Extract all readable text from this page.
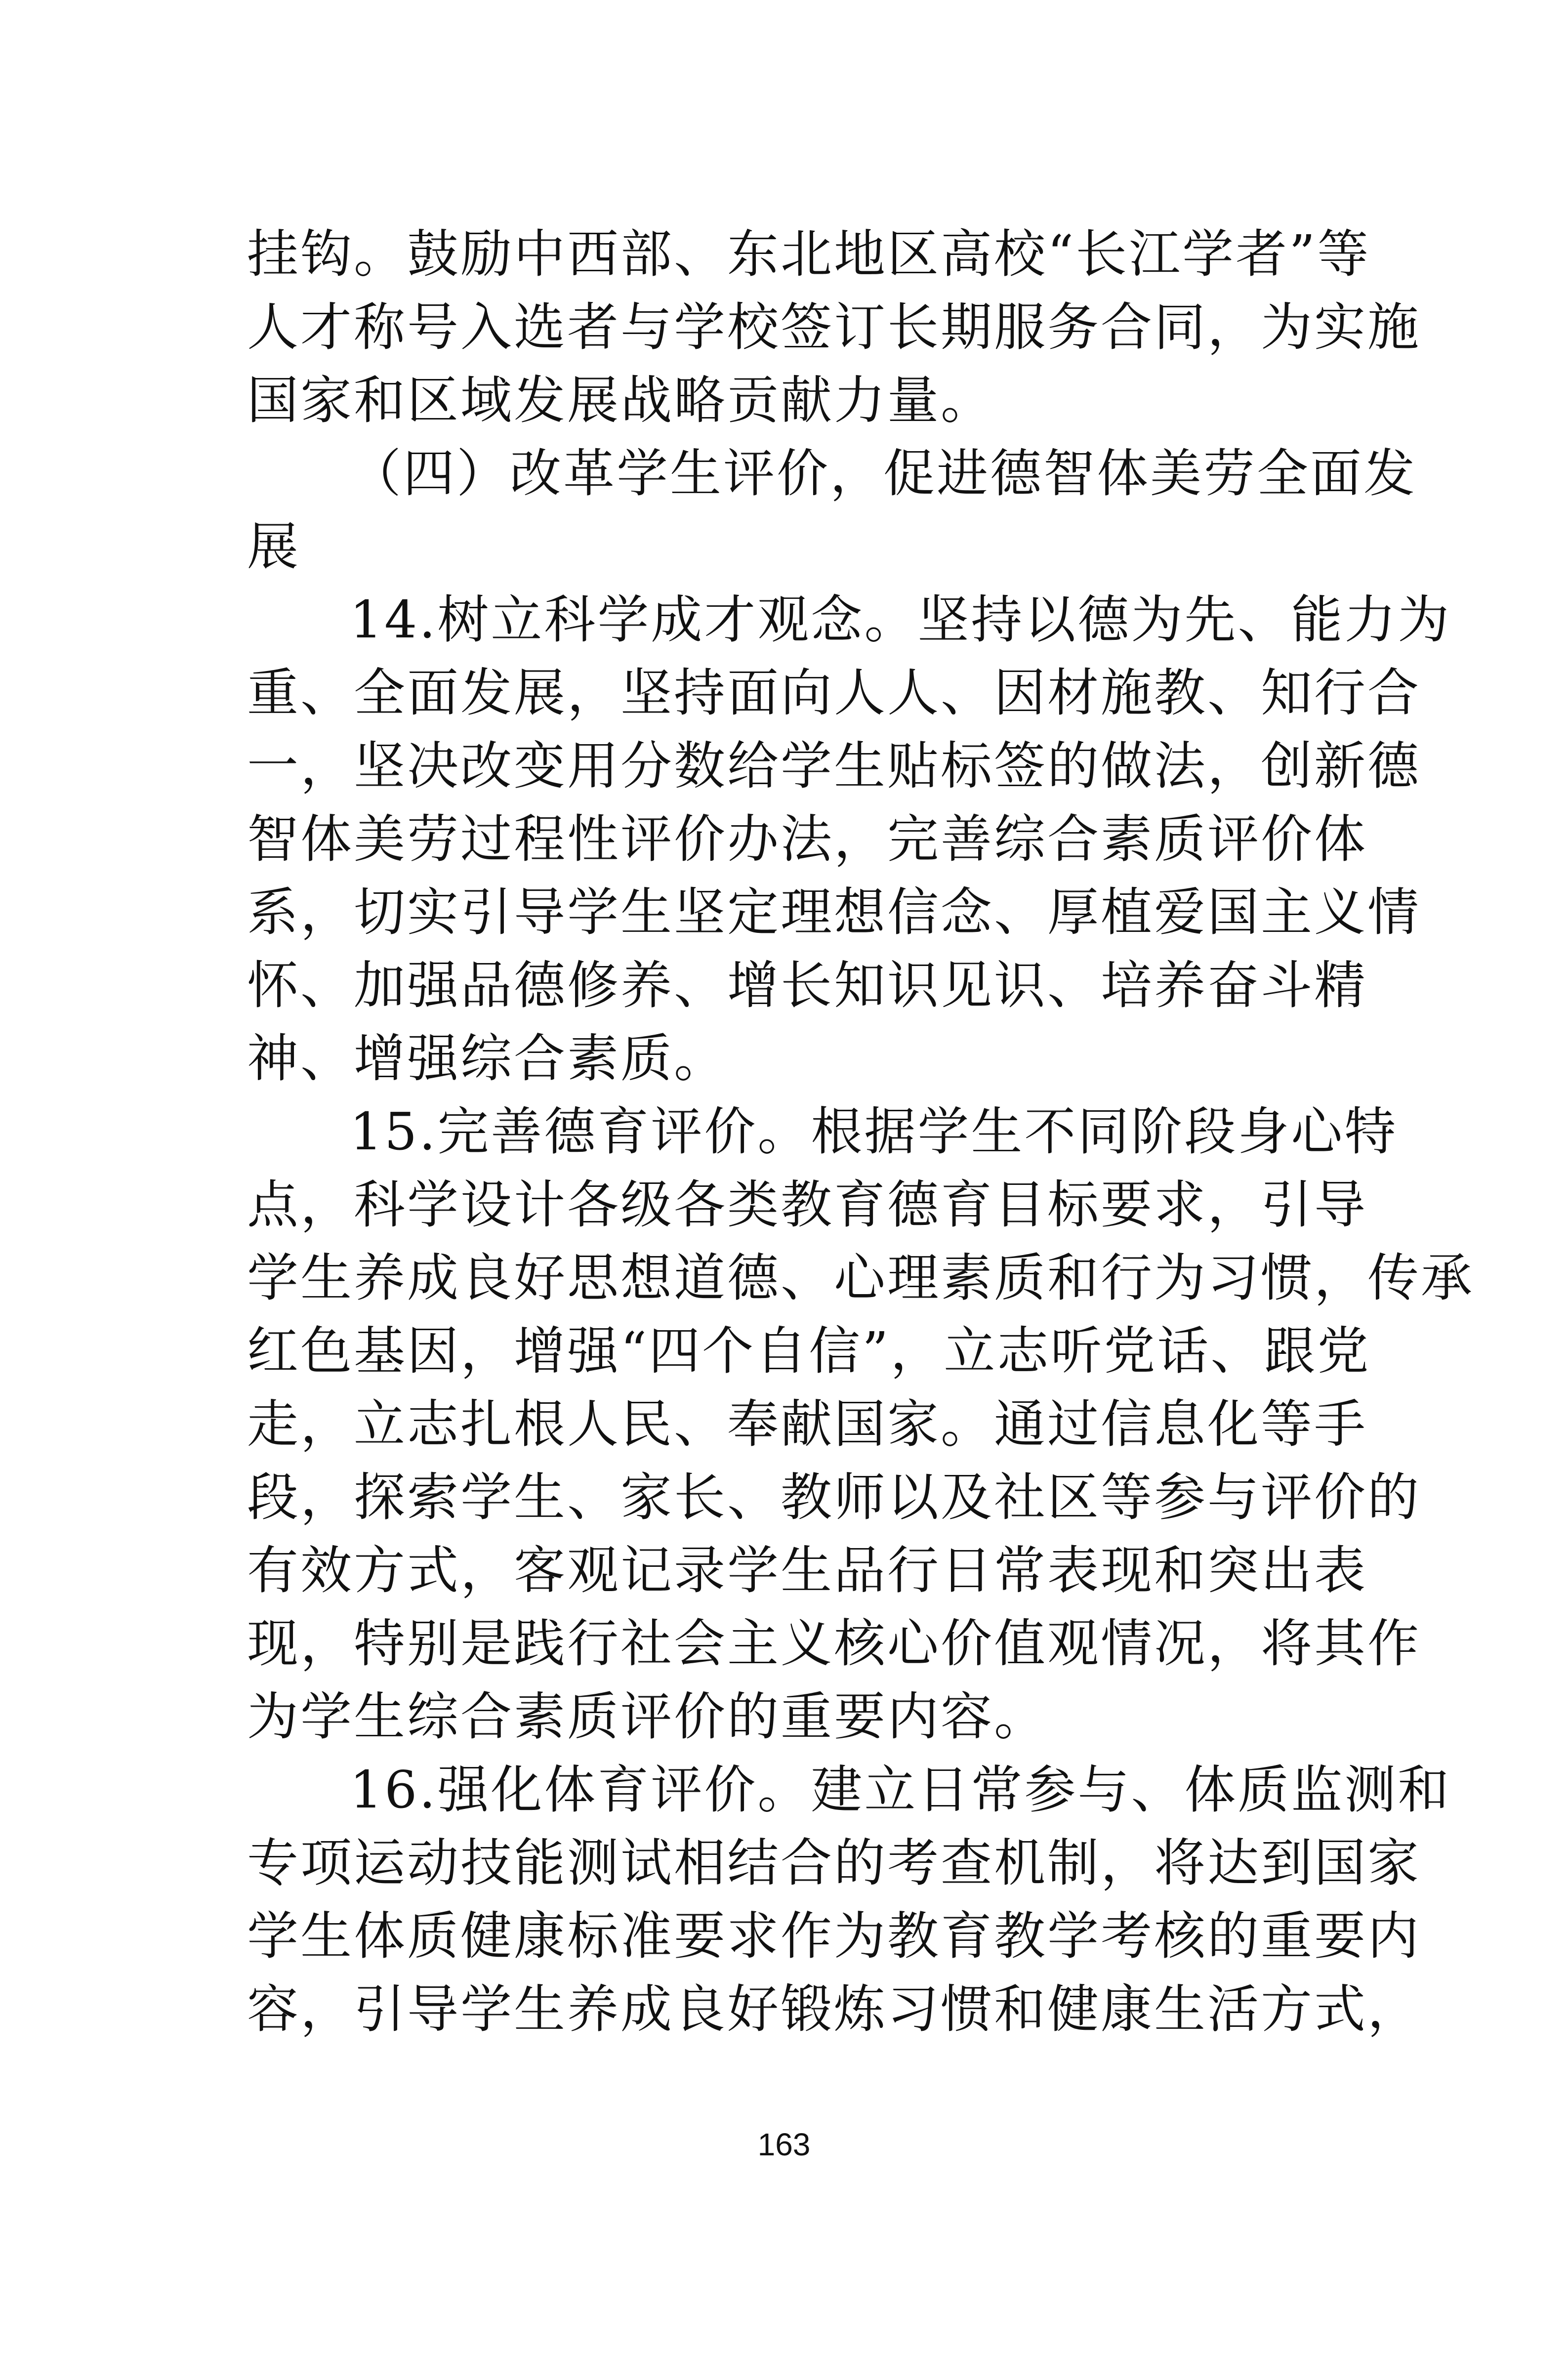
挂钩。鼓励中西部、东北地区高校“长江学者”等
人才称号入选者与学校签订长期服务合同，为实施
国家和区域发展战略贡献力量。
（四）改革学生评价，促进德智体美劳全面发
展
14.树立科学成才观念。坚持以德为先、能力为
重、全面发展，坚持面向人人、因材施教、知行合
一，坚决改变用分数给学生贴标签的做法，创新德
智体美劳过程性评价办法，完善综合素质评价体
系，切实引导学生坚定理想信念、厚植爱国主义情
怀、加强品德修养、增长知识见识、培养奋斗精
神、增强综合素质。
15.完善德育评价。根据学生不同阶段身心特
点，科学设计各级各类教育德育目标要求，引导
学生养成良好思想道德、心理素质和行为习惯，传承
红色基因，增强“四个自信”，立志听党话、跟党
走，立志扎根人民、奉献国家。通过信息化等手
段，探索学生、家长、教师以及社区等参与评价的
有效方式，客观记录学生品行日常表现和突出表
现，特别是践行社会主义核心价值观情况，将其作
为学生综合素质评价的重要内容。
16.强化体育评价。建立日常参与、体质监测和
专项运动技能测试相结合的考查机制，将达到国家
学生体质健康标准要求作为教育教学考核的重要内
容，引导学生养成良好锻炼习惯和健康生活方式，
163
